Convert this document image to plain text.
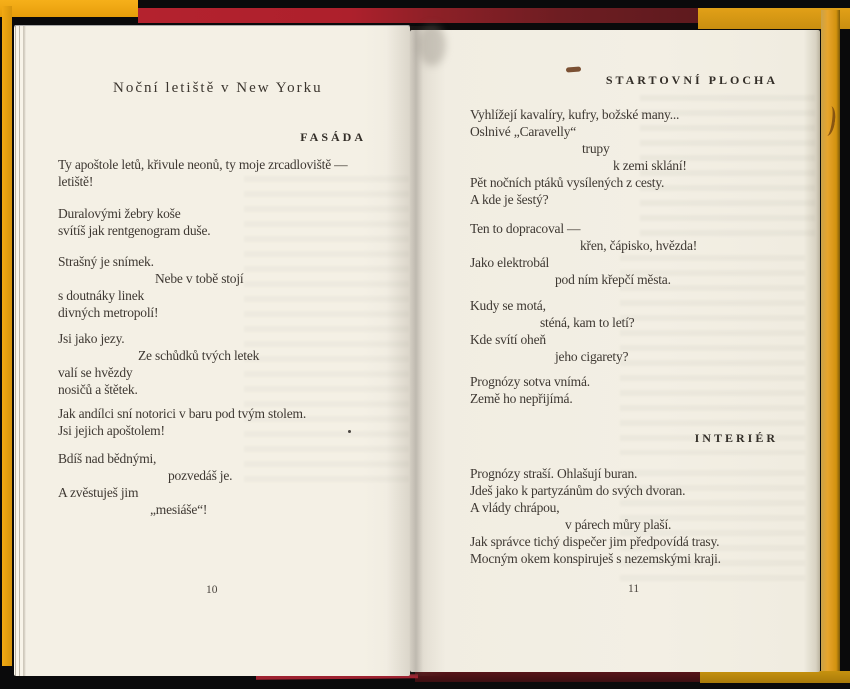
Noční letiště v New Yorku
FASÁDA
Ty apoštole letů, křivule neonů, ty moje zrcadloviště —
letiště!
Duralovými žebry koše
svítíš jak rentgenogram duše.
Strašný je snímek.
Nebe v tobě stojí
s doutnáky linek
divných metropolí!
Jsi jako jezy.
Ze schůdků tvých letek
valí se hvězdy
nosičů a štětek.
Jak andílci sní notorici v baru pod tvým stolem.
Jsi jejich apoštolem!
Bdíš nad bědnými,
pozvedáš je.
A zvěstuješ jim
„mesiáše“!
10
STARTOVNÍ PLOCHA
INTERIÉR
Vyhlížejí kavalíry, kufry, božské many...
Oslnivé „Caravelly“
trupy
k zemi sklání!
Pět nočních ptáků vysílených z cesty.
A kde je šestý?
Ten to dopracoval —
křen, čápisko, hvězda!
Jako elektrobál
pod ním křepčí města.
Kudy se motá,
sténá, kam to letí?
Kde svítí oheň
jeho cigarety?
Prognózy sotva vnímá.
Země ho nepřijímá.
Prognózy straší. Ohlašují buran.
Jdeš jako k partyzánům do svých dvoran.
A vlády chrápou,
v párech můry plaší.
Jak správce tichý dispečer jim předpovídá trasy.
Mocným okem konspiruješ s nezemskými kraji.
11
